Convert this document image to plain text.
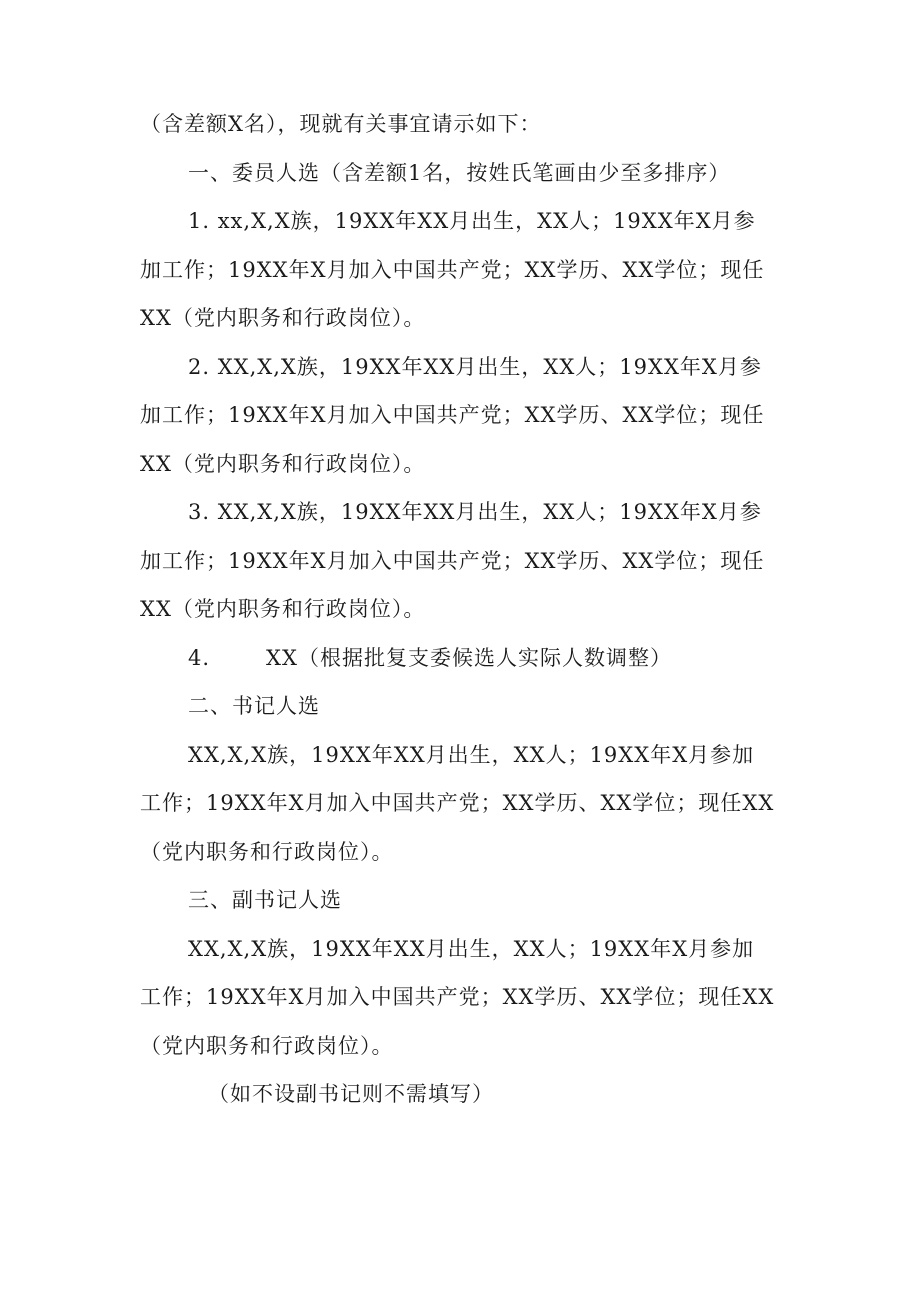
（含差额X名），现就有关事宜请示如下：
一、委员人选（含差额1名，按姓氏笔画由少至多排序）
1. xx,X,X族，19XX年XX月出生，XX人；19XX年X月参
加工作；19XX年X月加入中国共产党；XX学历、XX学位；现任
XX（党内职务和行政岗位）。
2. XX,X,X族，19XX年XX月出生，XX人；19XX年X月参
加工作；19XX年X月加入中国共产党；XX学历、XX学位；现任
XX（党内职务和行政岗位）。
3. XX,X,X族，19XX年XX月出生，XX人；19XX年X月参
加工作；19XX年X月加入中国共产党；XX学历、XX学位；现任
XX（党内职务和行政岗位）。
4.	XX（根据批复支委候选人实际人数调整）
二、书记人选
XX,X,X族，19XX年XX月出生，XX人；19XX年X月参加
工作；19XX年X月加入中国共产党；XX学历、XX学位；现任XX
（党内职务和行政岗位）。
三、副书记人选
XX,X,X族，19XX年XX月出生，XX人；19XX年X月参加
工作；19XX年X月加入中国共产党；XX学历、XX学位；现任XX
（党内职务和行政岗位）。
（如不设副书记则不需填写）
